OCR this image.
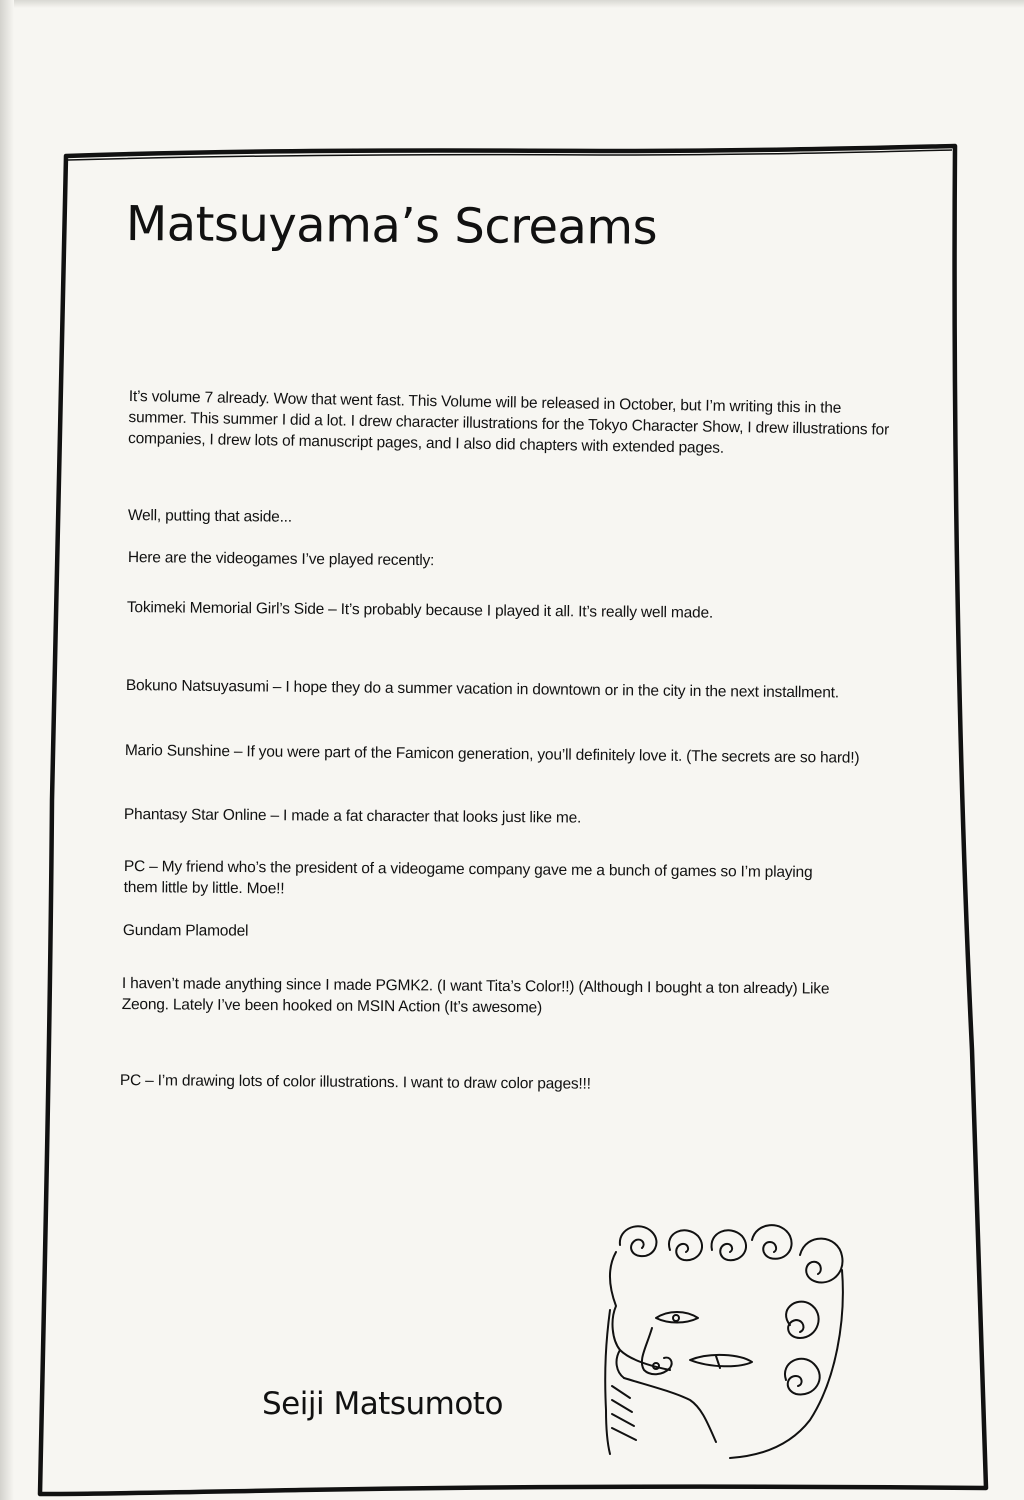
Matsuyama’s Screams

It’s volume 7 already. Wow that went fast. This Volume will be released in October, but I’m writing this in the summer. This summer I did a lot. I drew character illustrations for the Tokyo Character Show, I drew illustrations for companies, I drew lots of manuscript pages, and I also did chapters with extended pages.

Well, putting that aside...

Here are the videogames I’ve played recently:

Tokimeki Memorial Girl’s Side – It’s probably because I played it all. It’s really well made.

Bokuno Natsuyasumi – I hope they do a summer vacation in downtown or in the city in the next installment.

Mario Sunshine – If you were part of the Famicon generation, you’ll definitely love it. (The secrets are so hard!)

Phantasy Star Online – I made a fat character that looks just like me.

PC – My friend who’s the president of a videogame company gave me a bunch of games so I’m playing them little by little. Moe!!

Gundam Plamodel

I haven’t made anything since I made PGMK2. (I want Tita’s Color!!) (Although I bought a ton already) Like Zeong. Lately I’ve been hooked on MSIN Action (It’s awesome)

PC – I’m drawing lots of color illustrations. I want to draw color pages!!!

Seiji Matsumoto
